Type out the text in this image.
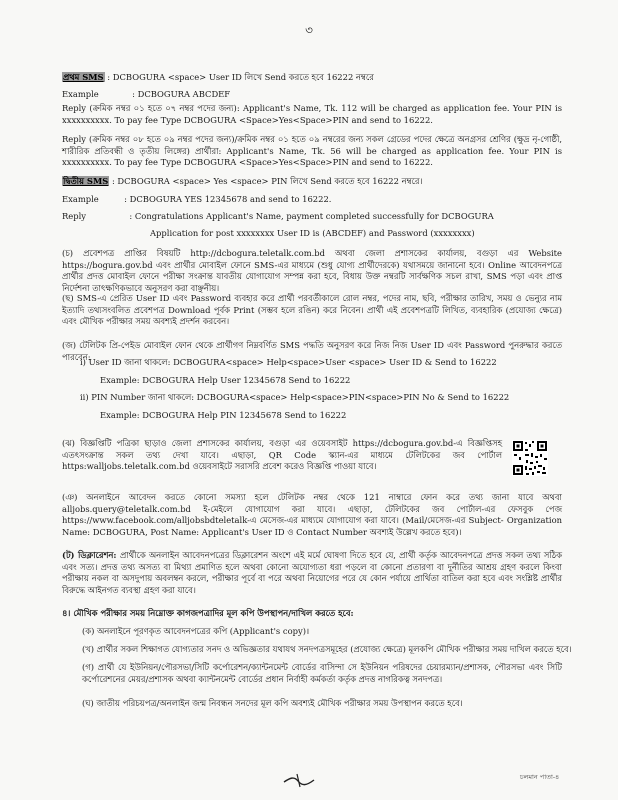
৩
প্রথম SMS : DCBOGURA <space> User ID লিখে Send করতে হবে 16222 নম্বরে
Example	: DCBOGURA ABCDEF
Reply (ক্রমিক নম্বর ০১ হতে ০৭ নম্বর পদের জন্য): Applicant's Name, Tk. 112 will be charged as application fee. Your PIN is xxxxxxxxxx. To pay fee Type DCBOGURA <Space>Yes<Space>PIN and send to 16222.
Reply (ক্রমিক নম্বর ০৮ হতে ০৯ নম্বর পদের জন্য)/ক্রমিক নম্বর ০১ হতে ০৯ নম্বরের জন্য সকল গ্রেডের পদের ক্ষেত্রে অনগ্রসর শ্রেণির (ক্ষুদ্র নৃ-গোষ্ঠী, শারীরিক প্রতিবন্ধী ও তৃতীয় লিঙ্গের) প্রার্থীরা: Applicant's Name, Tk. 56 will be charged as application fee. Your PIN is xxxxxxxxxx. To pay fee Type DCBOGURA <Space>Yes<Space>PIN and send to 16222.
দ্বিতীয় SMS : DCBOGURA <space> Yes <space> PIN লিখে Send করতে হবে 16222 নম্বরে।
Example	: DCBOGURA YES 12345678 and send to 16222.
Reply	: Congratulations Applicant's Name, payment completed successfully for DCBOGURA
Application for post xxxxxxxx User ID is (ABCDEF) and Password (xxxxxxxx)
(চ) প্রবেশপত্র প্রাপ্তির বিষয়টি http://dcbogura.teletalk.com.bd অথবা জেলা প্রশাসকের কার্যালয়, বগুড়া এর Website https://bogura.gov.bd এবং প্রার্থীর মোবাইল ফোনে SMS-এর মাধ্যমে (শুধু যোগ্য প্রার্থীদেরকে) যথাসময়ে জানানো হবে। Online আবেদনপত্রে প্রার্থীর প্রদত্ত মোবাইল ফোনে পরীক্ষা সংক্রান্ত যাবতীয় যোগাযোগ সম্পন্ন করা হবে, বিধায় উক্ত নম্বরটি সার্বক্ষণিক সচল রাখা, SMS পড়া এবং প্রাপ্ত নির্দেশনা তাৎক্ষণিকভাবে অনুসরণ করা বাঞ্ছনীয়।
(ছ) SMS-এ প্রেরিত User ID এবং Password ব্যবহার করে প্রার্থী পরবর্তীকালে রোল নম্বর, পদের নাম, ছবি, পরীক্ষার তারিখ, সময় ও ভেন্যুর নাম ইত্যাদি তথ্যসংবলিত প্রবেশপত্র Download পূর্বক Print (সম্ভব হলে রঙিন) করে নিবেন। প্রার্থী এই প্রবেশপত্রটি লিখিত, ব্যবহারিক (প্রযোজ্য ক্ষেত্রে) এবং মৌখিক পরীক্ষার সময় অবশ্যই প্রদর্শন করবেন।
(জ) টেলিটক প্রি-পেইড মোবাইল ফোন থেকে প্রার্থীগণ নিম্নবর্ণিত SMS পদ্ধতি অনুসরণ করে নিজ নিজ User ID এবং Password পুনরুদ্ধার করতে পারবেন:
i) User ID জানা থাকলে: DCBOGURA<space> Help<space>User <space> User ID & Send to 16222
Example: DCBOGURA Help User 12345678 Send to 16222
ii) PIN Number জানা থাকলে: DCBOGURA<space> Help<space>PIN<space>PIN No & Send to 16222
Example: DCBOGURA Help PIN 12345678 Send to 16222
(ঝ) বিজ্ঞপ্তিটি পত্রিকা ছাড়াও জেলা প্রশাসকের কার্যালয়, বগুড়া এর ওয়েবসাইট https://dcbogura.gov.bd-এ বিজ্ঞপ্তিসহ এতৎসংক্রান্ত সকল তথ্য দেখা যাবে। এছাড়া, QR Code স্ক্যান-এর মাধ্যমে টেলিটকের জব পোর্টাল https:walljobs.teletalk.com.bd ওয়েবসাইটে সরাসরি প্রবেশ করেও বিজ্ঞপ্তি পাওয়া যাবে।
(ঞ) অনলাইনে আবেদন করতে কোনো সমস্যা হলে টেলিটক নম্বর থেকে 121 নাম্বারে ফোন করে তথ্য জানা যাবে অথবা alljobs.query@teletalk.com.bd ই-মেইলে যোগাযোগ করা যাবে। এছাড়া, টেলিটকের জব পোর্টাল-এর ফেসবুক পেজ https://www.facebook.com/alljobsbdteletalk-এ মেসেজ-এর মাধ্যমে যোগাযোগ করা যাবে। (Mail/মেসেজ-এর Subject- Organization Name: DCBOGURA, Post Name: Applicant's User ID ও Contact Number অবশ্যই উল্লেখ করতে হবে)।
(ট) ডিক্লারেশন: প্রার্থীকে অনলাইন আবেদনপত্রের ডিক্লারেশন অংশে এই মর্মে ঘোষণা দিতে হবে যে, প্রার্থী কর্তৃক আবেদনপত্রে প্রদত্ত সকল তথ্য সঠিক এবং সত্য। প্রদত্ত তথ্য অসত্য বা মিথ্যা প্রমাণিত হলে অথবা কোনো অযোগ্যতা ধরা পড়লে বা কোনো প্রতারণা বা দুর্নীতির আশ্রয় গ্রহণ করলে কিংবা পরীক্ষায় নকল বা অসদুপায় অবলম্বন করলে, পরীক্ষার পূর্বে বা পরে অথবা নিয়োগের পরে যে কোন পর্যায়ে প্রার্থিতা বাতিল করা হবে এবং সংশ্লিষ্ট প্রার্থীর বিরুদ্ধে আইনগত ব্যবস্থা গ্রহণ করা যাবে।
৪। মৌখিক পরীক্ষার সময় নিম্নোক্ত কাগজপত্রাদির মূল কপি উপস্থাপন/দাখিল করতে হবে:
(ক) অনলাইনে পূরণকৃত আবেদনপত্রের কপি (Applicant's copy)।
(খ) প্রার্থীর সকল শিক্ষাগত যোগ্যতার সনদ ও অভিজ্ঞতার যথাযথ সনদপত্রসমূহের (প্রযোজ্য ক্ষেত্রে) মূলকপি মৌখিক পরীক্ষার সময় দাখিল করতে হবে।
(গ) প্রার্থী যে ইউনিয়ন/পৌরসভা/সিটি কর্পোরেশন/ক্যান্টনমেন্ট বোর্ডের বাসিন্দা সে ইউনিয়ন পরিষদের চেয়ারম্যান/প্রশাসক, পৌরসভা এবং সিটি কর্পোরেশনের মেয়র/প্রশাসক অথবা ক্যান্টনমেন্ট বোর্ডের প্রধান নির্বাহী কর্মকর্তা কর্তৃক প্রদত্ত নাগরিকত্ব সনদপত্র।
(ঘ) জাতীয় পরিচয়পত্র/অনলাইন জন্ম নিবন্ধন সনদের মূল কপি অবশ্যই মৌখিক পরীক্ষার সময় উপস্থাপন করতে হবে।
চলমান পাতা-৪
